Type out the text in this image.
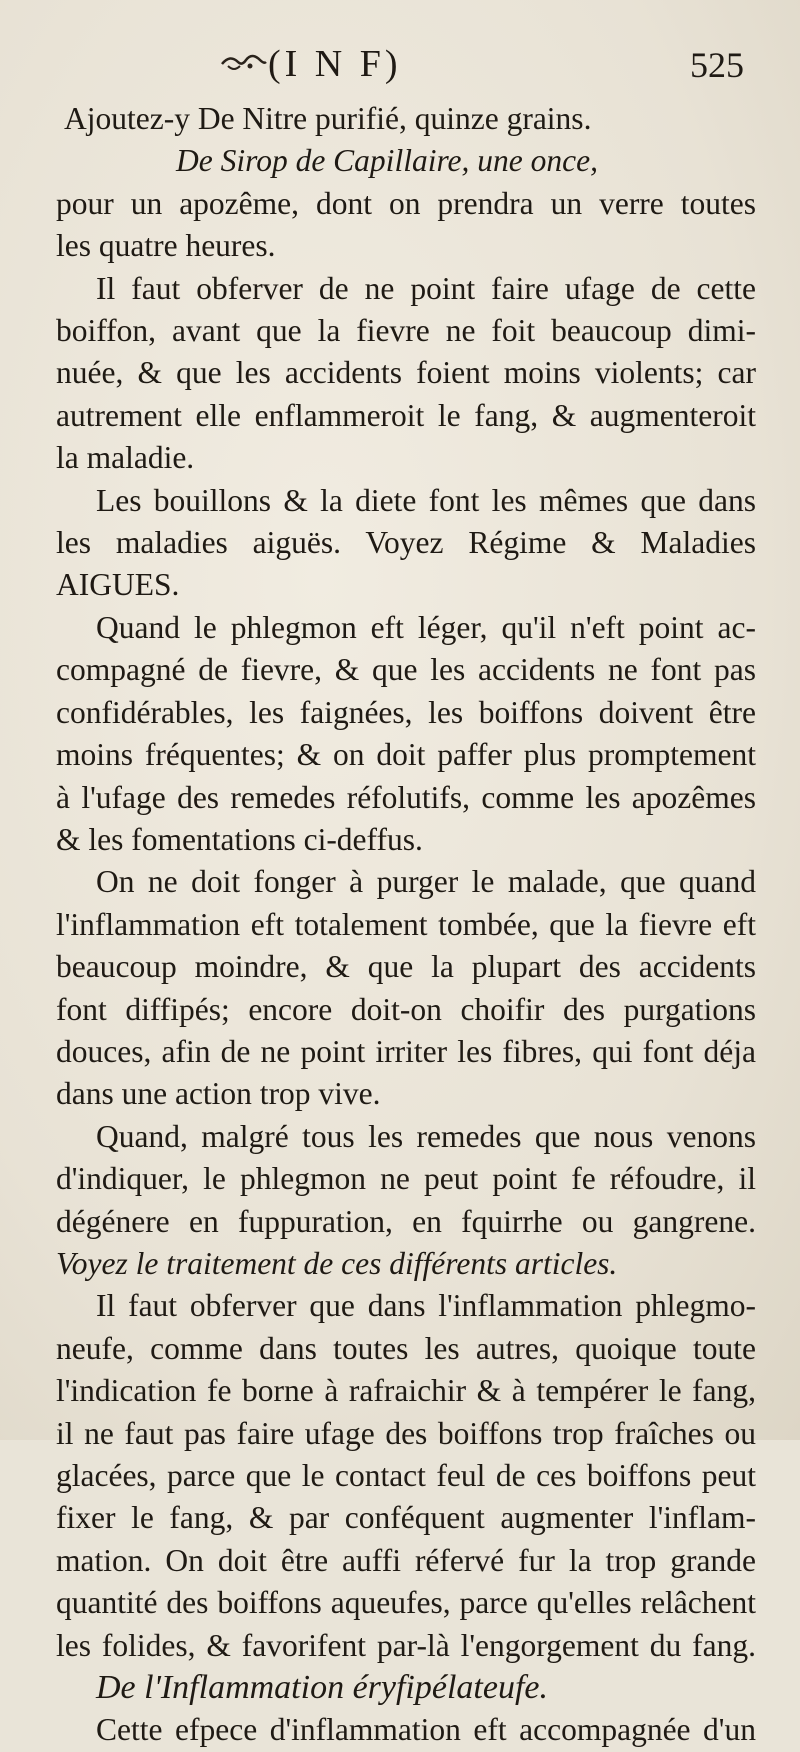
(I N F)	525
Ajoutez-y De Nitre purifié, quinze grains.
De Sirop de Capillaire, une once,
pour un apozême, dont on prendra un verre toutes
les quatre heures.
Il faut obferver de ne point faire ufage de cette
boiffon, avant que la fievre ne foit beaucoup dimi-
nuée, & que les accidents foient moins violents; car
autrement elle enflammeroit le fang, & augmenteroit
la maladie.
Les bouillons & la diete font les mêmes que dans
les maladies aiguës. Voyez Régime & Maladies
AIGUES.
Quand le phlegmon eft léger, qu'il n'eft point ac-
compagné de fievre, & que les accidents ne font pas
confidérables, les faignées, les boiffons doivent être
moins fréquentes; & on doit paffer plus promptement
à l'ufage des remedes réfolutifs, comme les apozêmes
& les fomentations ci-deffus.
On ne doit fonger à purger le malade, que quand
l'inflammation eft totalement tombée, que la fievre eft
beaucoup moindre, & que la plupart des accidents
font diffipés; encore doit-on choifir des purgations
douces, afin de ne point irriter les fibres, qui font déja
dans une action trop vive.
Quand, malgré tous les remedes que nous venons
d'indiquer, le phlegmon ne peut point fe réfoudre, il
dégénere en fuppuration, en fquirrhe ou gangrene.
Voyez le traitement de ces différents articles.
Il faut obferver que dans l'inflammation phlegmo-
neufe, comme dans toutes les autres, quoique toute
l'indication fe borne à rafraichir & à tempérer le fang,
il ne faut pas faire ufage des boiffons trop fraîches ou
glacées, parce que le contact feul de ces boiffons peut
fixer le fang, & par conféquent augmenter l'inflam-
mation. On doit être auffi réfervé fur la trop grande
quantité des boiffons aqueufes, parce qu'elles relâchent
les folides, & favorifent par-là l'engorgement du fang.
De l'Inflammation éryfipélateufe.
Cette efpece d'inflammation eft accompagnée d'un
